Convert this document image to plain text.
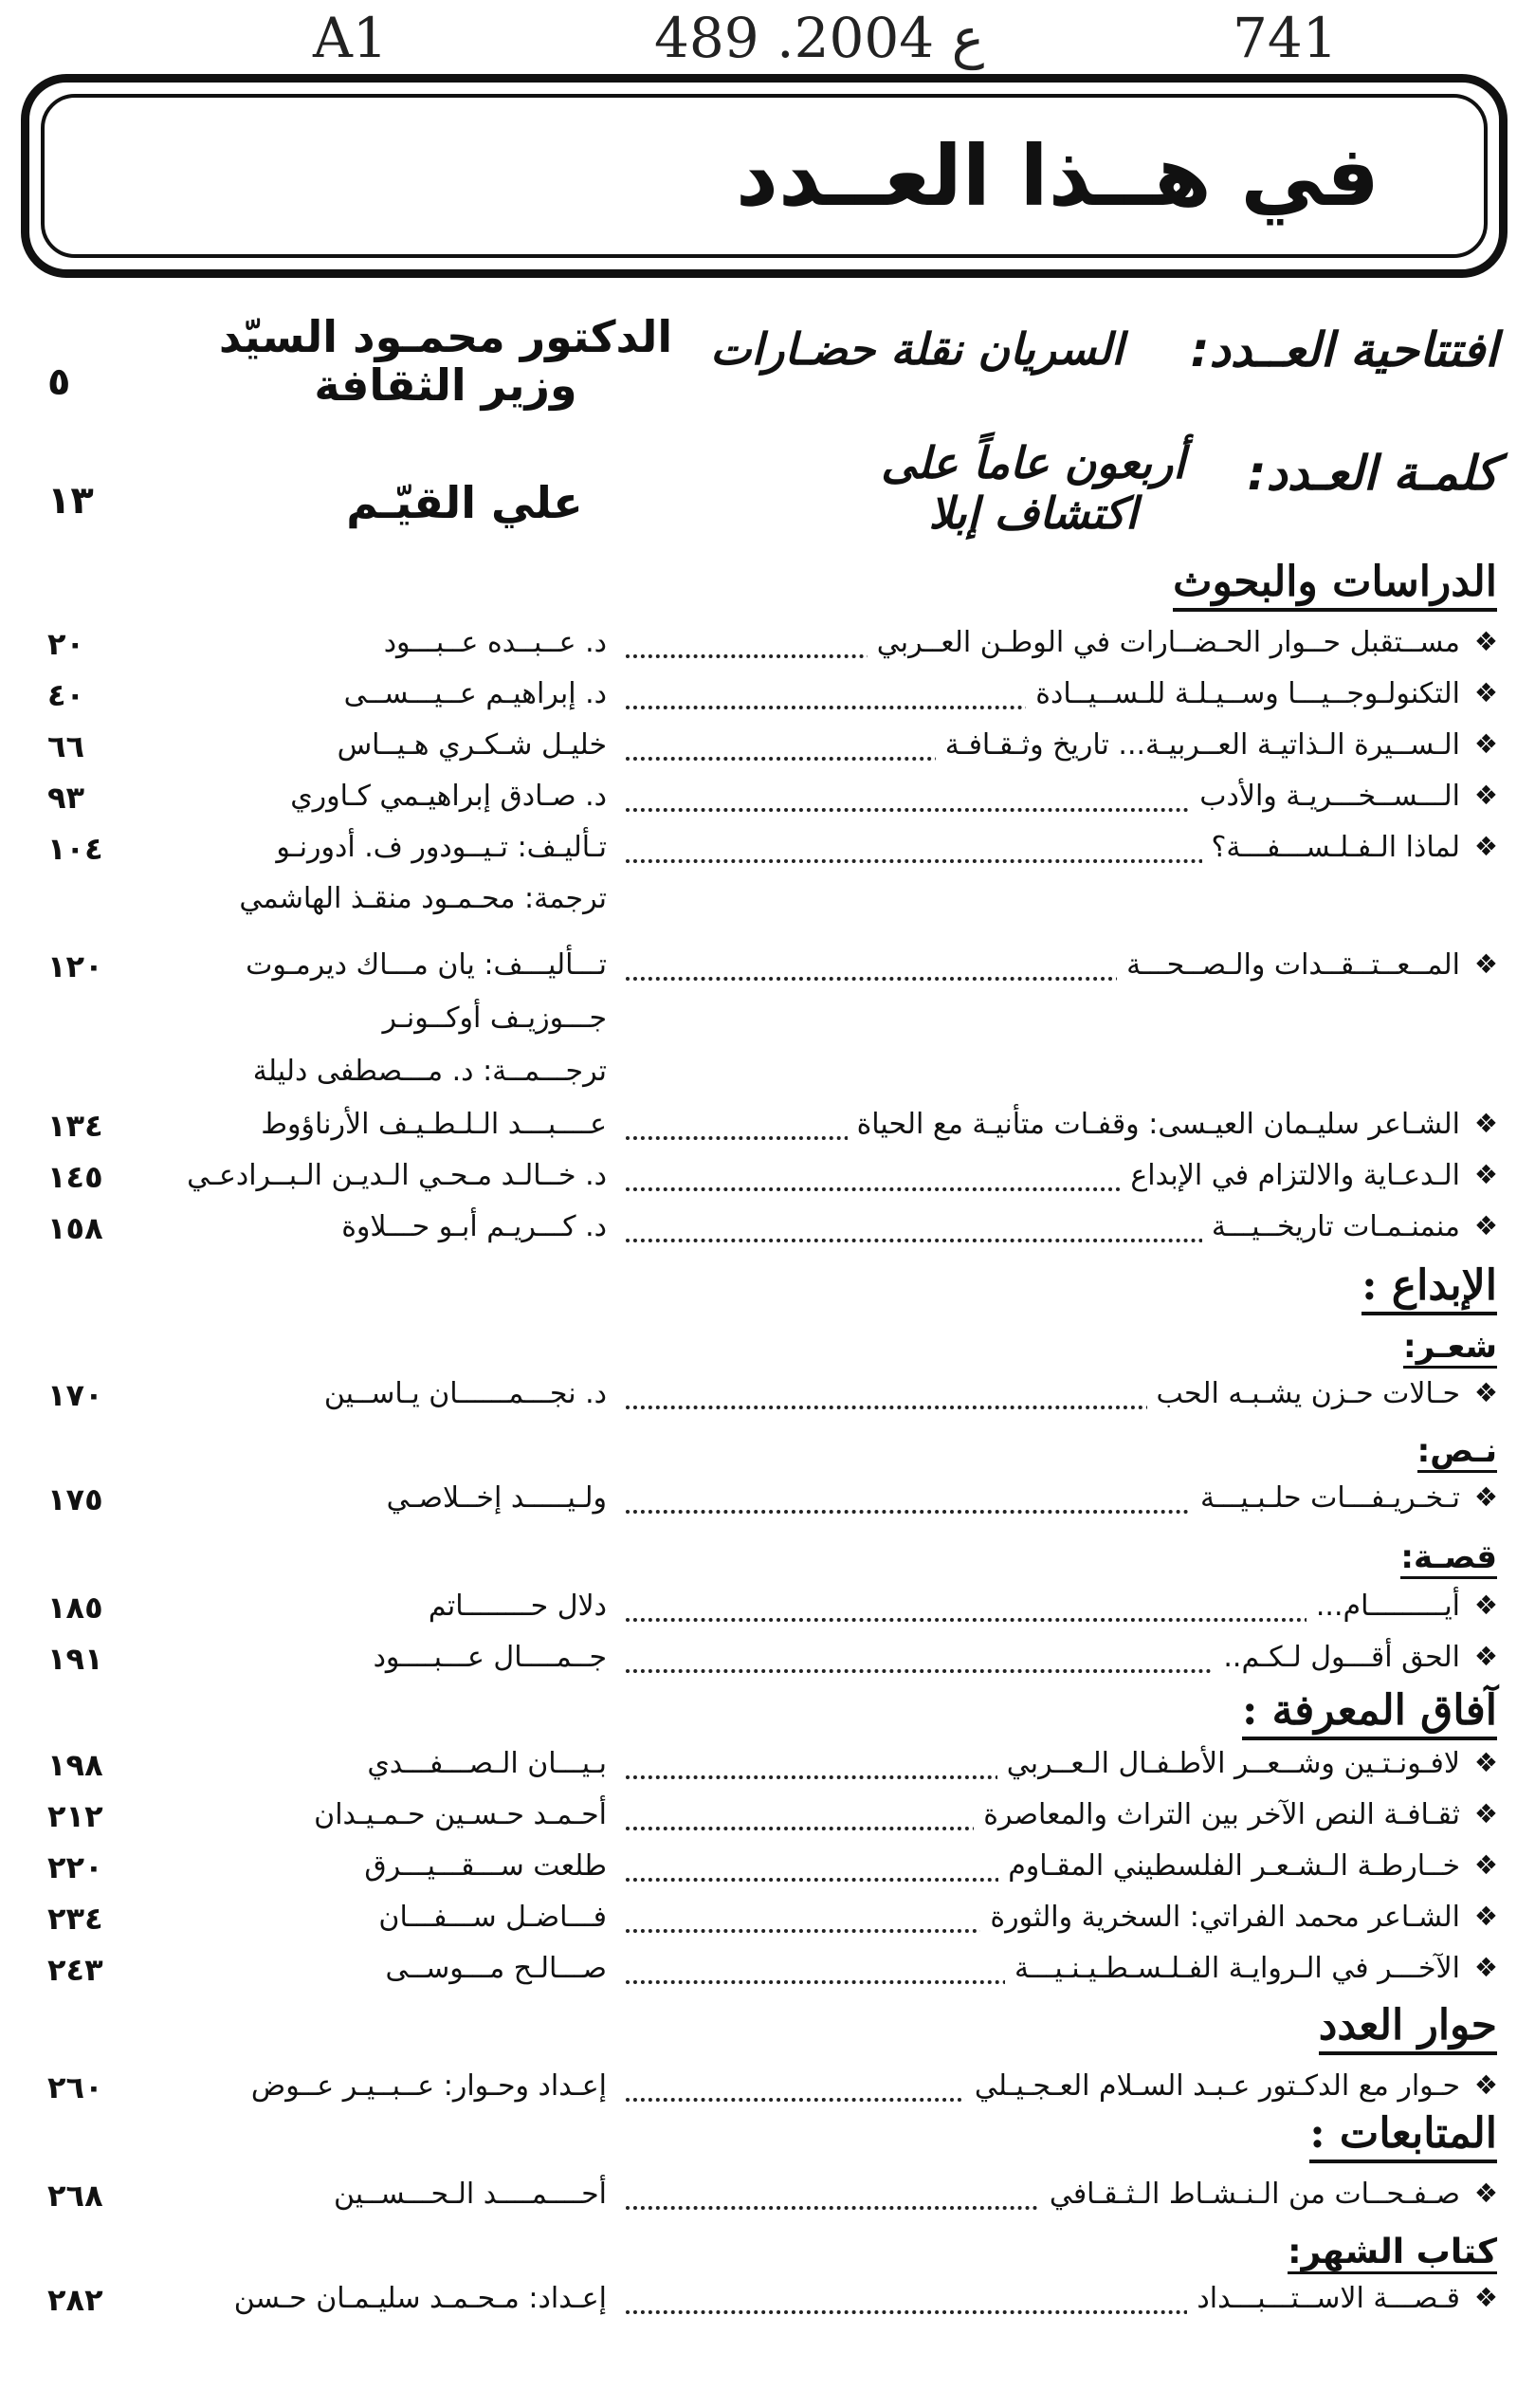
A1	489 .ع 2004	741
في هــذا العــدد
افتتاحية العــدد:
السريان نقلة حضـارات
الدكتور محمـود السيّد
وزير الثقافة
٥
كلمـة العـدد:
أربعون عاماً على
اكتشاف إبلا
علي القيّـم
١٣
الدراسات والبحوث
❖
مســتقبل حــوار الحـضــارات في الوطـن العــربي
د. عــبــده عــبـــود
٢٠
❖
التكنولـوجــيـــا وســيـلـة للـســيــادة
د. إبراهيـم عــيـــســى
٤٠
❖
الـســيرة الـذاتيـة العــربيـة... تاريخ وثـقـافـة
خليـل شـكـري هـيــاس
٦٦
❖
الـــســخـــريـة والأدب
د. صـادق إبراهيـمي كـاوري
٩٣
❖
لماذا الـفـلـســـفـــة؟
تـأليـف: تـيــودور ف. أدورنـو
١٠٤
ترجمة: محـمـود منقـذ الهاشمي
❖
المــعــتــقــدات والـصــحـــة
تـــأليـــف: يان مـــاك ديرمـوت
١٢٠
جـــوزيـف أوكــونـر
ترجـــمــة: د. مـــصطفى دليلة
❖
الشـاعر سليـمان العيـسى: وقفـات متأنيـة مع الحياة
عــــبـــد الـلـطـيـف الأرناؤوط
١٣٤
❖
الـدعـاية والالتزام في الإبداع
د. خــالـد مـحـي الـديـن الـبــرادعـي
١٤٥
❖
منمنـمـات تاريخــيـــة
د. كـــريـم أبـو حـــلاوة
١٥٨
الإبداع :
شعـر:
❖
حـالات حـزن يشـبـه الحب
د. نجـــمــــــان يـاســين
١٧٠
نـص:
❖
تـخـريـفـــات حلـبـيـــة
ولـيـــــد إخــلاصـي
١٧٥
قصـة:
❖
أيـــــــــام...
دلال حــــــــاتم
١٨٥
❖
الحق أقـــول لـكـم..
جــمــــال عـــبــــود
١٩١
آفاق المعرفة :
❖
لافـونـتـين وشــعــر الأطـفـال الـعــربي
بـيـــان الـصـــفـــدي
١٩٨
❖
ثقـافـة النص الآخر بين التراث والمعاصرة
أحـمـد حـسـين حـمـيـدان
٢١٢
❖
خــارطـة الـشـعـر الفلسطيني المقـاوم
طلعت ســـقـــيـــرق
٢٢٠
❖
الشـاعر محمد الفراتي: السخرية والثورة
فـــاضـل ســـفـــان
٢٣٤
❖
الآخـــر في الـروايـة الفـلـسـطـيـنـيـــة
صـــالـح مـــوســى
٢٤٣
حوار العدد
❖
حـوار مع الدكـتور عـبـد السـلام العـجـيـلي
إعـداد وحـوار: عــبــيـر عــوض
٢٦٠
المتابعات :
❖
صـفـحــات من الـنـشـاط الـثـقـافي
أحــــمــــد الـحـــســين
٢٦٨
كتاب الشهر:
❖
قـصـــة الاســتـــبـــداد
إعـداد: مـحـمـد سليـمـان حـسن
٢٨٢
